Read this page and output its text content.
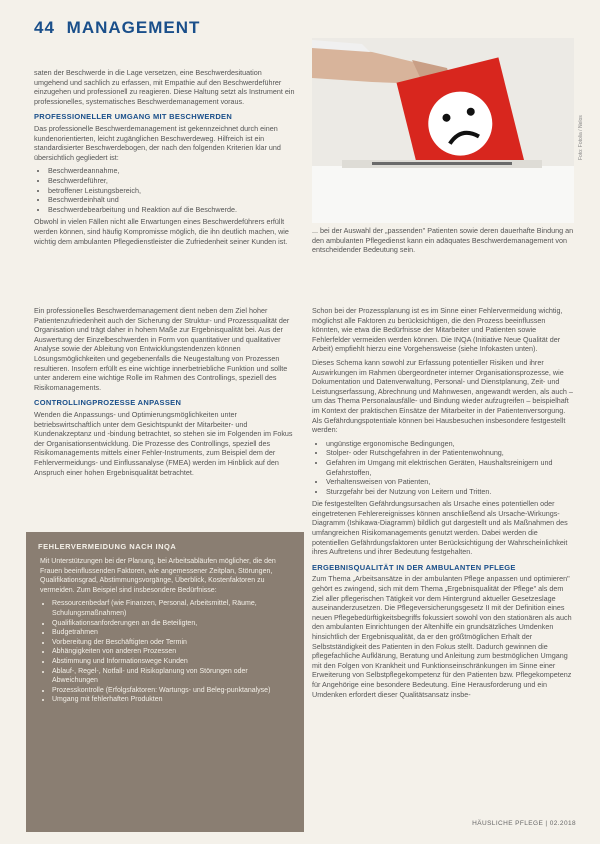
44 MANAGEMENT

saten der Beschwerde in die Lage versetzen, eine Beschwerdesituation umgehend und sachlich zu erfassen, mit Empathie auf den Beschwerdeführer einzugehen und professionell zu reagieren. Diese Haltung setzt als Instrument ein professionelles, systematisches Beschwerdemanagement voraus.

PROFESSIONELLER UMGANG MIT BESCHWERDEN

Das professionelle Beschwerdemanagement ist gekennzeichnet durch einen kundenorientierten, leicht zugänglichen Beschwerdeweg. Hilfreich ist ein standardisierter Beschwerdebogen, der nach den folgenden Kriterien klar und übersichtlich gegliedert ist:

• Beschwerdeannahme,
• Beschwerdeführer,
• betroffener Leistungsbereich,
• Beschwerdeinhalt und
• Beschwerdebearbeitung und Reaktion auf die Beschwerde.

Obwohl in vielen Fällen nicht alle Erwartungen eines Beschwerdeführers erfüllt werden können, sind häufig Kompromisse möglich, die ihn deutlich machen, wie wichtig dem ambulanten Pflegedienstleister die Zufriedenheit seiner Kunden ist.

Ein professionelles Beschwerdemanagement dient neben dem Ziel hoher Patientenzufriedenheit auch der Sicherung der Struktur- und Prozessqualität der Organisation und trägt daher in hohem Maße zur Ergebnisqualität bei. Aus der Auswertung der Einzelbeschwerden in Form von quantitativer und qualitativer Analyse sowie der Ableitung von Entwicklungstendenzen können Lösungsmöglichkeiten und gegebenenfalls die Neugestaltung von Prozessen resultieren. Insofern erfüllt es eine wichtige innerbetriebliche Funktion und sollte unter anderem eine wichtige Rolle im Rahmen des Controllings, speziell des Risikomanagements.

CONTROLLINGPROZESSE ANPASSEN

Wenden die Anpassungs- und Optimierungsmöglichkeiten unter betriebswirtschaftlich unter dem Gesichtspunkt der Mitarbeiter- und Kundenakzeptanz und -bindung betrachtet, so stehen sie im Folgenden im Fokus der Organisationsentwicklung. Die Prozesse des Controllings, speziell des Risikomanagements mittels einer Fehler-Instruments, zum Beispiel dem der Fehlervermeidungs- und Einflussanalyse (FMEA) werden im Hinblick auf den Anspruch einer hohen Ergebnisqualität betrachtet.

FEHLERVERMEIDUNG NACH INQA

Mit Unterstützungen bei der Planung, bei Arbeitsabläufen möglicher, die den Frauen beeinflussenden Faktoren, wie angemessener Zeitplan, Störungen, Qualifikationsgrad, Abstimmungsvorgänge, Überblick, Kostenfaktoren zu vermeiden. Zum Beispiel sind insbesondere Bedürfnisse:

• Ressourcenbedarf (wie Finanzen, Personal, Arbeitsmittel, Räume, Schulungsmaßnahmen)
• Qualifikationsanforderungen an die Beteiligten,
• Budgetrahmen
• Vorbereitung der Beschäftigten oder Termin
• Abhängigkeiten von anderen Prozessen
• Abstimmung und Informationswege Kunden
• Ablauf-, Regel-, Notfall- und Risikoplanung von Störungen oder Abweichungen
• Prozesskontrolle (Erfolgsfaktoren: Wartungs- und Beleg-punktanalyse)
• Umgang mit fehlerhaften Produkten
Foto: Fotolia / Nelos
... bei der Auswahl der „passenden" Patienten sowie deren dauerhafte Bindung an den ambulanten Pflegedienst kann ein adäquates Beschwerdemanagement von entscheidender Bedeutung sein.

Schon bei der Prozessplanung ist es im Sinne einer Fehlervermeidung wichtig, möglichst alle Faktoren zu berücksichtigen, die den Prozess beeinflussen könnten, wie etwa die Bedürfnisse der Mitarbeiter und Patienten sowie Fehlerfelder vermeiden werden können. Die INQA (Initiative Neue Qualität der Arbeit) empfiehlt hierzu eine Vorgehensweise (siehe Infokasten unten).

Dieses Schema kann sowohl zur Erfassung potentieller Risiken und ihrer Auswirkungen im Rahmen übergeordneter interner Organisationsprozesse, wie Dokumentation und Datenverwaltung, Personal- und Dienstplanung, Zeit- und Leistungserfassung, Abrechnung und Mahnwesen, angewandt werden, als auch – um das Thema Personalausfälle- und Bindung wieder aufzugreifen – beispielhaft im Kontext der praktischen Einsätze der Mitarbeiter in der Patientenversorgung. Als Gefährdungspotentiale können bei Hausbesuchen insbesondere festgestellt werden:

• ungünstige ergonomische Bedingungen,
• Stolper- oder Rutschgefahren in der Patientenwohnung,
• Gefahren im Umgang mit elektrischen Geräten, Haushaltsreinigern und Gefahrstoffen,
• Verhaltensweisen von Patienten,
• Sturzgefahr bei der Nutzung von Leitern und Tritten.

Die festgestellten Gefährdungsursachen als Ursache eines potentiellen oder eingetretenen Fehlerereignisses können anschließend als Ursache-Wirkungs-Diagramm (Ishikawa-Diagramm) bildlich gut dargestellt und als Maßnahmen des umfangreichen Risikomanagements genutzt werden. Dabei werden die potentiellen Gefährdungsfaktoren unter Berücksichtigung der Wahrscheinlichkeit ihres Auftretens und ihrer Bedeutung festgehalten.

ERGEBNISQUALITÄT IN DER AMBULANTEN PFLEGE

Zum Thema „Arbeitsansätze in der ambulanten Pflege anpassen und optimieren" gehört es zwingend, sich mit dem Thema „Ergebnisqualität der Pflege" als dem Ziel aller pflegerischen Tätigkeit vor dem Hintergrund aktueller Gesetzeslage auseinanderzusetzen. Die Pflegeversicherungsgesetz II mit der Definition eines neuen Pflegebedürftigkeitsbegriffs fokussiert sowohl von den stationären als auch den ambulanten Einrichtungen der Altenhilfe ein grundsätzliches Umdenken hinsichtlich der Ergebnisqualität, da er den größtmöglichen Erhalt der Selbstständigkeit des Patienten in den Fokus stellt. Dadurch gewinnen die pflegefachliche Aufklärung, Beratung und Anleitung zum bestmöglichen Umgang mit den Folgen von Krankheit und Funktionseinschränkungen im Sinne einer Erweiterung von Selbstpflegekompetenz für den Patienten bzw. Pflegekompetenz für Angehörige eine besondere Bedeutung. Eine Herausforderung und ein Umdenken erfordert dieser Qualitätsansatz insbe-

HÄUSLICHE PFLEGE | 02.2018
